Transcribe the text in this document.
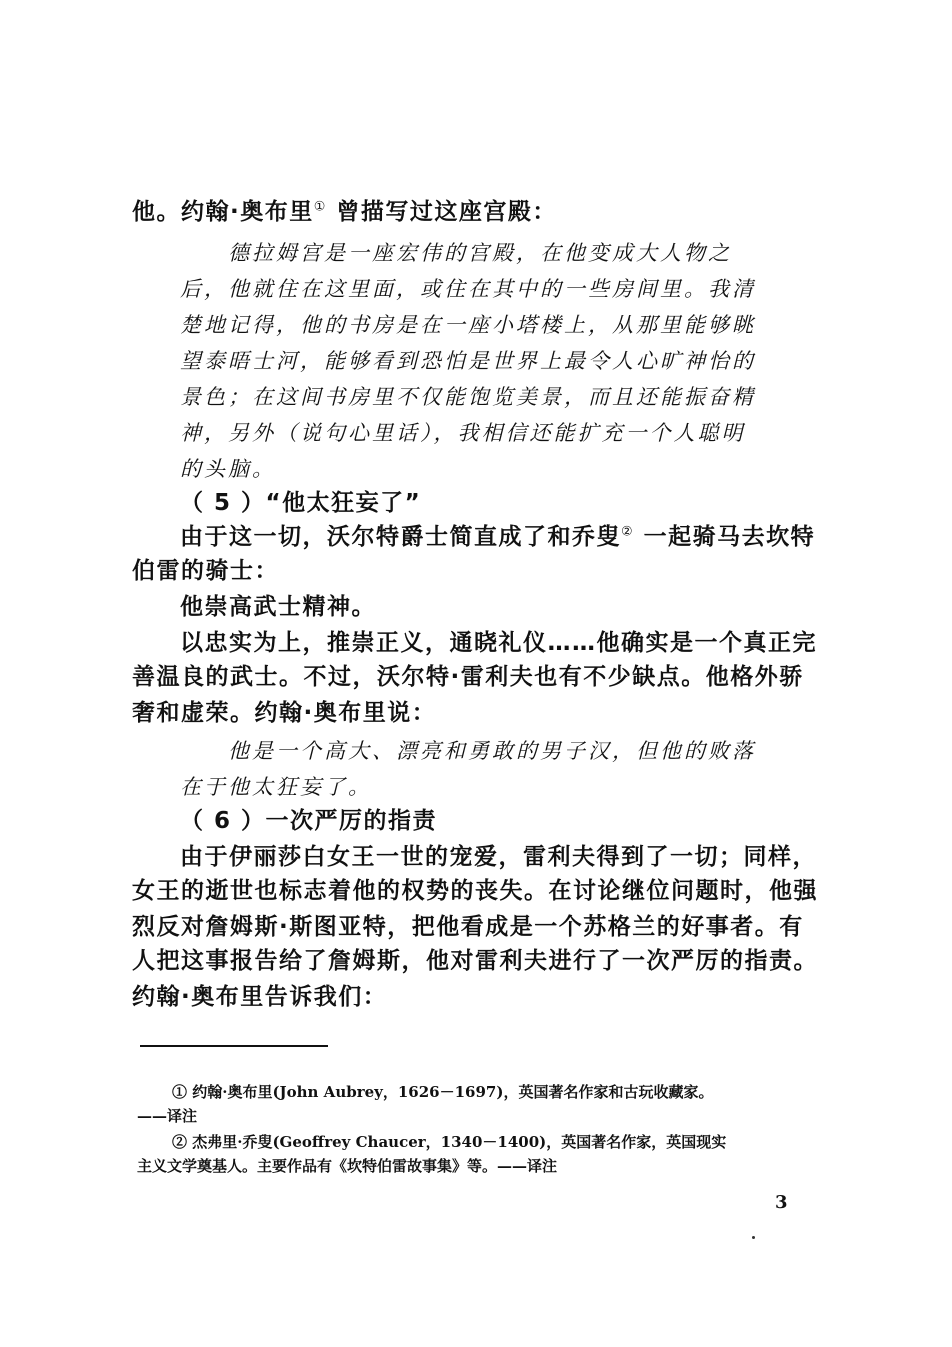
他。约翰·奥布里① 曾描写过这座宫殿：
德拉姆宫是一座宏伟的宫殿，在他变成大人物之
后，他就住在这里面，或住在其中的一些房间里。我清
楚地记得，他的书房是在一座小塔楼上，从那里能够眺
望泰晤士河，能够看到恐怕是世界上最令人心旷神怡的
景色；在这间书房里不仅能饱览美景，而且还能振奋精
神，另外（说句心里话），我相信还能扩充一个人聪明
的头脑。
（ 5 ）“他太狂妄了”
由于这一切，沃尔特爵士简直成了和乔叟② 一起骑马去坎特
伯雷的骑士：
他崇高武士精神。
以忠实为上，推崇正义，通晓礼仪……他确实是一个真正完
善温良的武士。不过，沃尔特·雷利夫也有不少缺点。他格外骄
奢和虚荣。约翰·奥布里说：
他是一个高大、漂亮和勇敢的男子汉，但他的败落
在于他太狂妄了。
（ 6 ）一次严厉的指责
由于伊丽莎白女王一世的宠爱，雷利夫得到了一切；同样，
女王的逝世也标志着他的权势的丧失。在讨论继位问题时，他强
烈反对詹姆斯·斯图亚特，把他看成是一个苏格兰的好事者。有
人把这事报告给了詹姆斯，他对雷利夫进行了一次严厉的指责。
约翰·奥布里告诉我们：
① 约翰·奥布里(John Aubrey，1626－1697)，英国著名作家和古玩收藏家。
——译注
② 杰弗里·乔叟(Geoffrey Chaucer，1340－1400)，英国著名作家，英国现实
主义文学奠基人。主要作品有《坎特伯雷故事集》等。——译注
3
